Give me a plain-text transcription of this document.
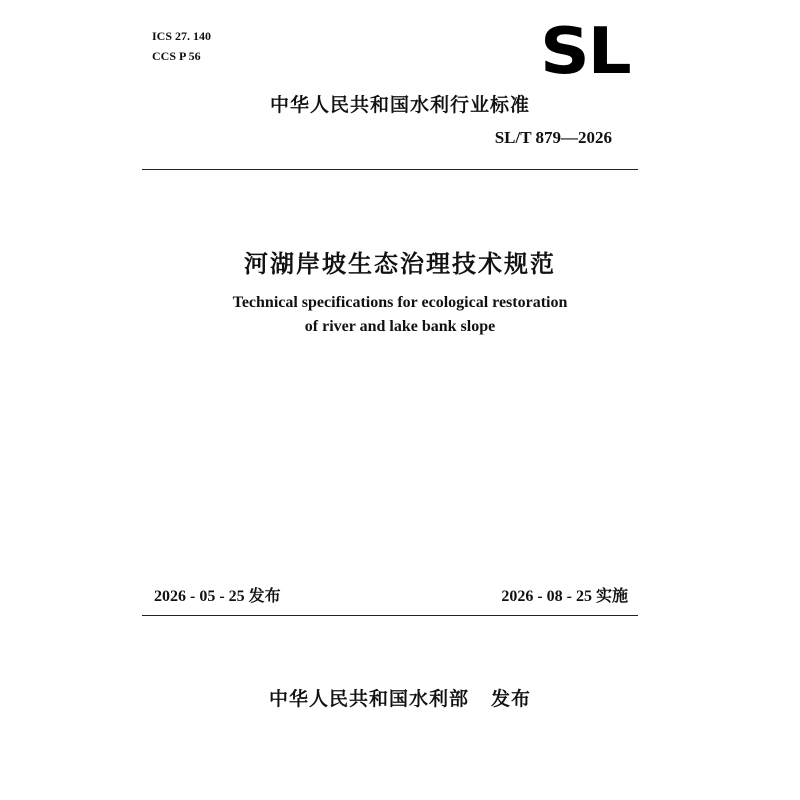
ICS 27. 140
CCS P 56	SL
中华人民共和国水利行业标准
SL/T 879—2026
河湖岸坡生态治理技术规范
Technical specifications for ecological restoration
of river and lake bank slope
2026 - 05 - 25 发布	2026 - 08 - 25 实施
中华人民共和国水利部 发布
